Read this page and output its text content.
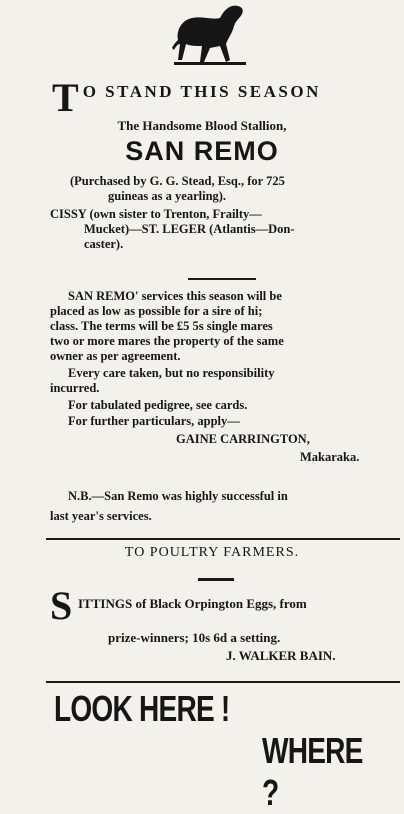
T O STAND THIS SEASON
The Handsome Blood Stallion,
SAN REMO
(Purchased by G. G. Stead, Esq., for 725
guineas as a yearling).
CISSY (own sister to Trenton, Frailty—
Mucket)—ST. LEGER (Atlantis—Don-
caster).
SAN REMO' services this season will be
placed as low as possible for a sire of hi;
class. The terms will be £5 5s single mares
two or more mares the property of the same
owner as per agreement.
Every care taken, but no responsibility
incurred.
For tabulated pedigree, see cards.
For further particulars, apply—
GAINE CARRINGTON,
Makaraka.
N.B.—San Remo was highly successful in
last year's services.
TO POULTRY FARMERS.
S ITTINGS of Black Orpington Eggs, from
prize-winners; 10s 6d a setting.
J. WALKER BAIN.
LOOK HERE !
WHERE ?
